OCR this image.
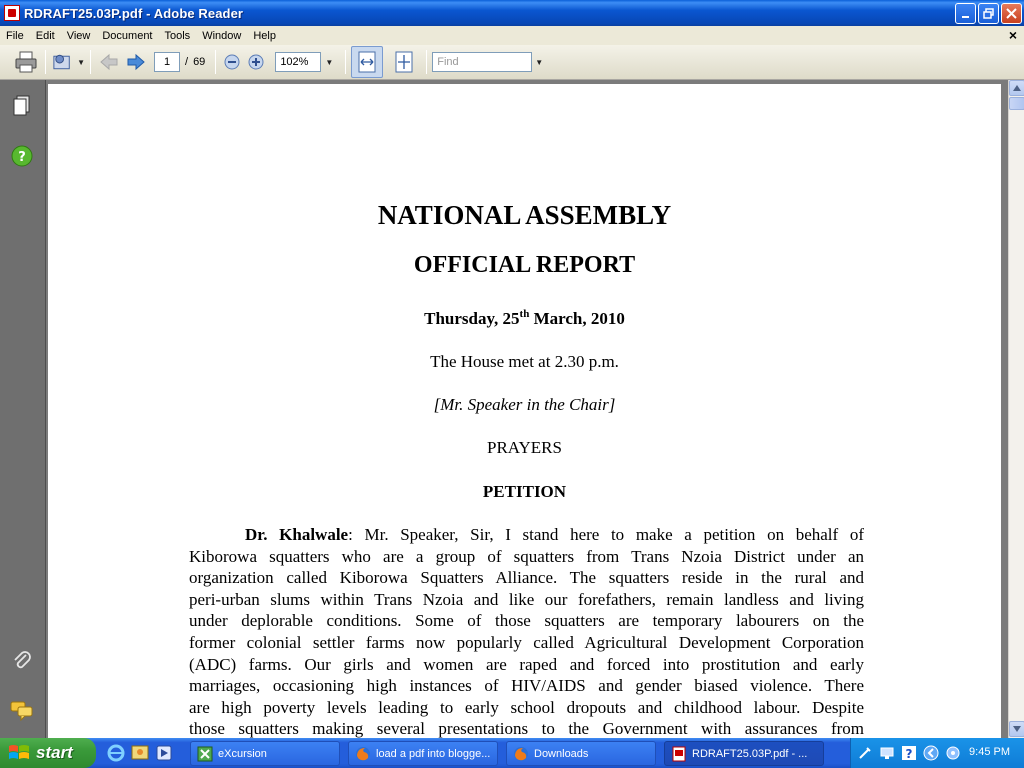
RDRAFT25.03P.pdf - Adobe Reader
File	Edit	View	Document	Tools	Window	Help	×
▼	1	/ 69	102%	▼	Find	▼
?
NATIONAL ASSEMBLY
OFFICIAL REPORT
Thursday, 25th March, 2010
The House met at 2.30 p.m.
[Mr. Speaker in the Chair]
PRAYERS
PETITION
Dr. Khalwale: Mr. Speaker, Sir, I stand here to make a petition on behalf of
Kiborowa squatters who are a group of squatters from Trans Nzoia District under an
organization called Kiborowa Squatters Alliance. The squatters reside in the rural and
peri-urban slums within Trans Nzoia and like our forefathers, remain landless and living
under deplorable conditions. Some of those squatters are temporary labourers on the
former colonial settler farms now popularly called Agricultural Development Corporation
(ADC) farms. Our girls and women are raped and forced into prostitution and early
marriages, occasioning high instances of HIV/AIDS and gender biased violence. There
are high poverty levels leading to early school dropouts and childhood labour. Despite
those squatters making several presentations to the Government with assurances from
start	eXcursion	load a pdf into blogge...	Downloads	RDRAFT25.03P.pdf - ...	?	9:45 PM
